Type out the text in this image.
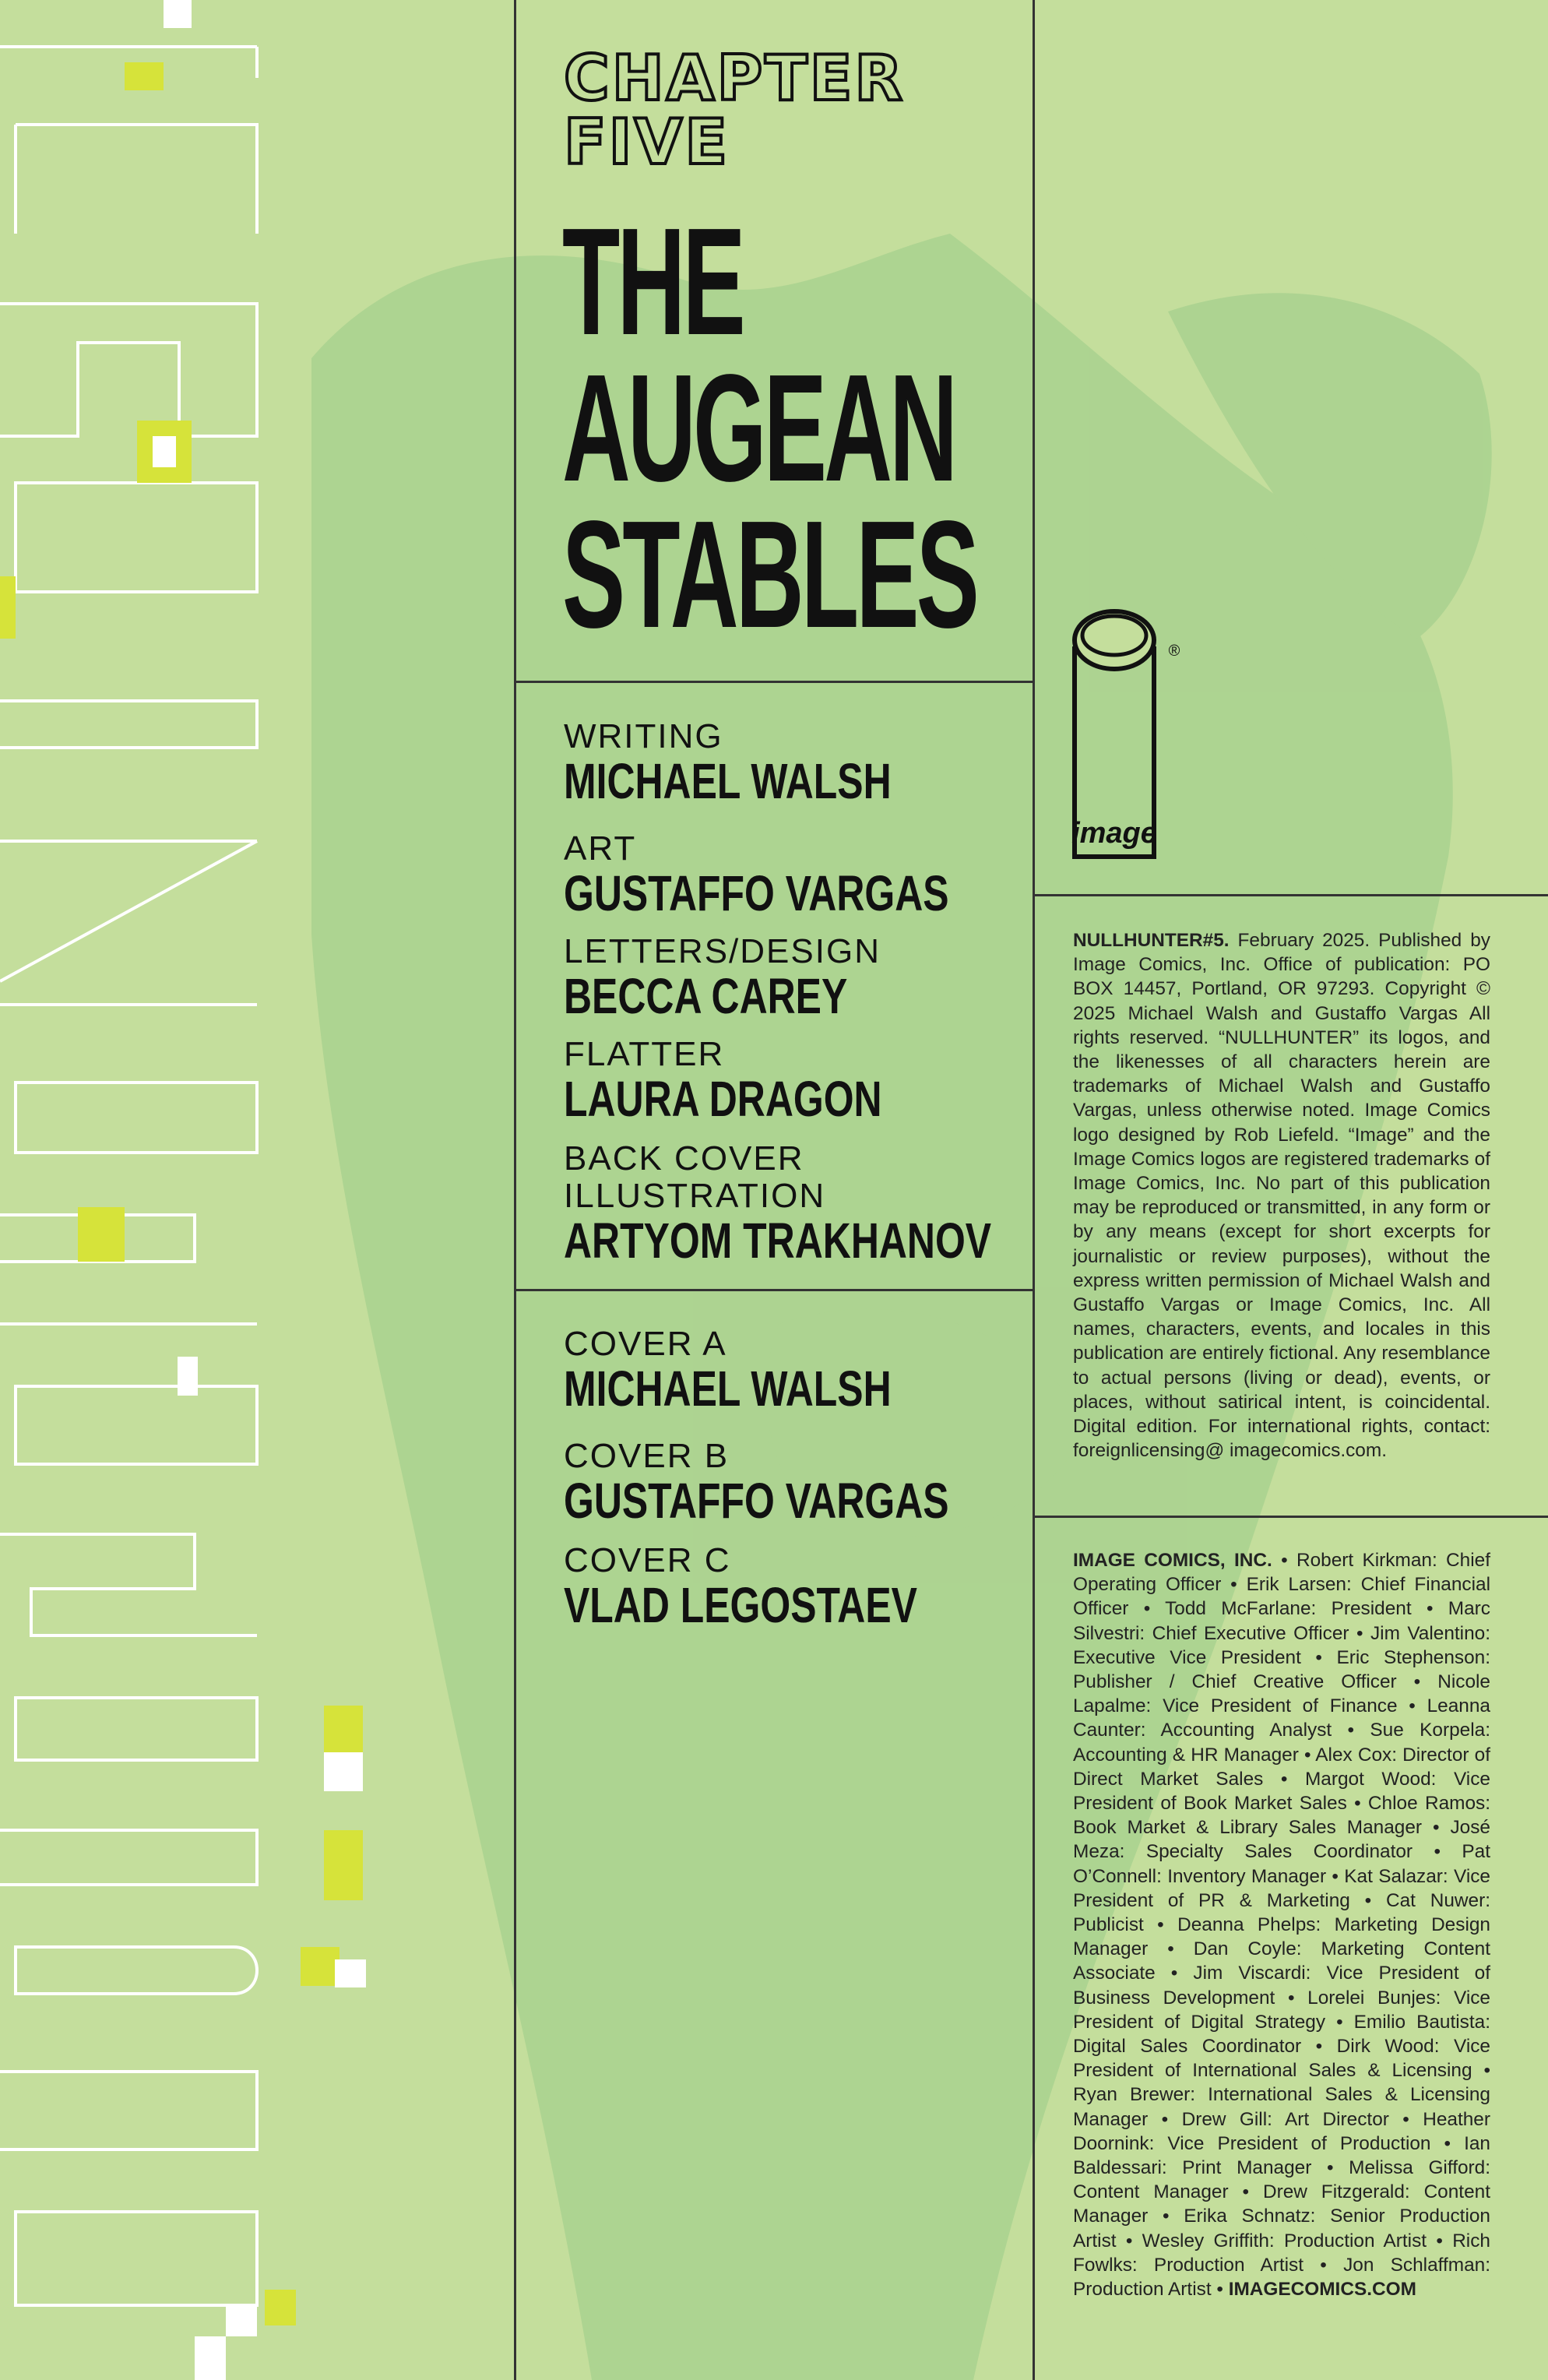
CHAPTER
FIVE
THE
AUGEAN
STABLES
WRITING
MICHAEL WALSH
ART
GUSTAFFO VARGAS
LETTERS/DESIGN
BECCA CAREY
FLATTER
LAURA DRAGON
BACK COVER
ILLUSTRATION
ARTYOM TRAKHANOV
COVER A
MICHAEL WALSH
COVER B
GUSTAFFO VARGAS
COVER C
VLAD LEGOSTAEV
image
®

NULLHUNTER#5. February 2025. Published by Image Comics, Inc. Office of publication: PO BOX 14457, Portland, OR 97293. Copyright © 2025 Michael Walsh and Gustaffo Vargas All rights reserved. “NULLHUNTER” its logos, and the likenesses of all characters herein are trademarks of Michael Walsh and Gustaffo Vargas, unless otherwise noted. Image Comics logo designed by Rob Liefeld. “Image” and the Image Comics logos are registered trademarks of Image Comics, Inc. No part of this publication may be reproduced or transmitted, in any form or by any means (except for short excerpts for journalistic or review purposes), without the express written permission of Michael Walsh and Gustaffo Vargas or Image Comics, Inc. All names, characters, events, and locales in this publication are entirely fictional. Any resemblance to actual persons (living or dead), events, or places, without satirical intent, is coincidental. Digital edition. For international rights, contact: foreignlicensing@ imagecomics.com.

IMAGE COMICS, INC. • Robert Kirkman: Chief Operating Officer • Erik Larsen: Chief Financial Officer • Todd McFarlane: President • Marc Silvestri: Chief Executive Officer • Jim Valentino: Executive Vice President • Eric Stephenson: Publisher / Chief Creative Officer • Nicole Lapalme: Vice President of Finance • Leanna Caunter: Accounting Analyst • Sue Korpela: Accounting & HR Manager • Alex Cox: Director of Direct Market Sales • Margot Wood: Vice President of Book Market Sales • Chloe Ramos: Book Market & Library Sales Manager • José Meza: Specialty Sales Coordinator • Pat O’Connell: Inventory Manager • Kat Salazar: Vice President of PR & Marketing • Cat Nuwer: Publicist • Deanna Phelps: Marketing Design Manager • Dan Coyle: Marketing Content Associate • Jim Viscardi: Vice President of Business Development • Lorelei Bunjes: Vice President of Digital Strategy • Emilio Bautista: Digital Sales Coordinator • Dirk Wood: Vice President of International Sales & Licensing • Ryan Brewer: International Sales & Licensing Manager • Drew Gill: Art Director • Heather Doornink: Vice President of Production • Ian Baldessari: Print Manager • Melissa Gifford: Content Manager • Drew Fitzgerald: Content Manager • Erika Schnatz: Senior Production Artist • Wesley Griffith: Production Artist • Rich Fowlks: Production Artist • Jon Schlaffman: Production Artist • IMAGECOMICS.COM
